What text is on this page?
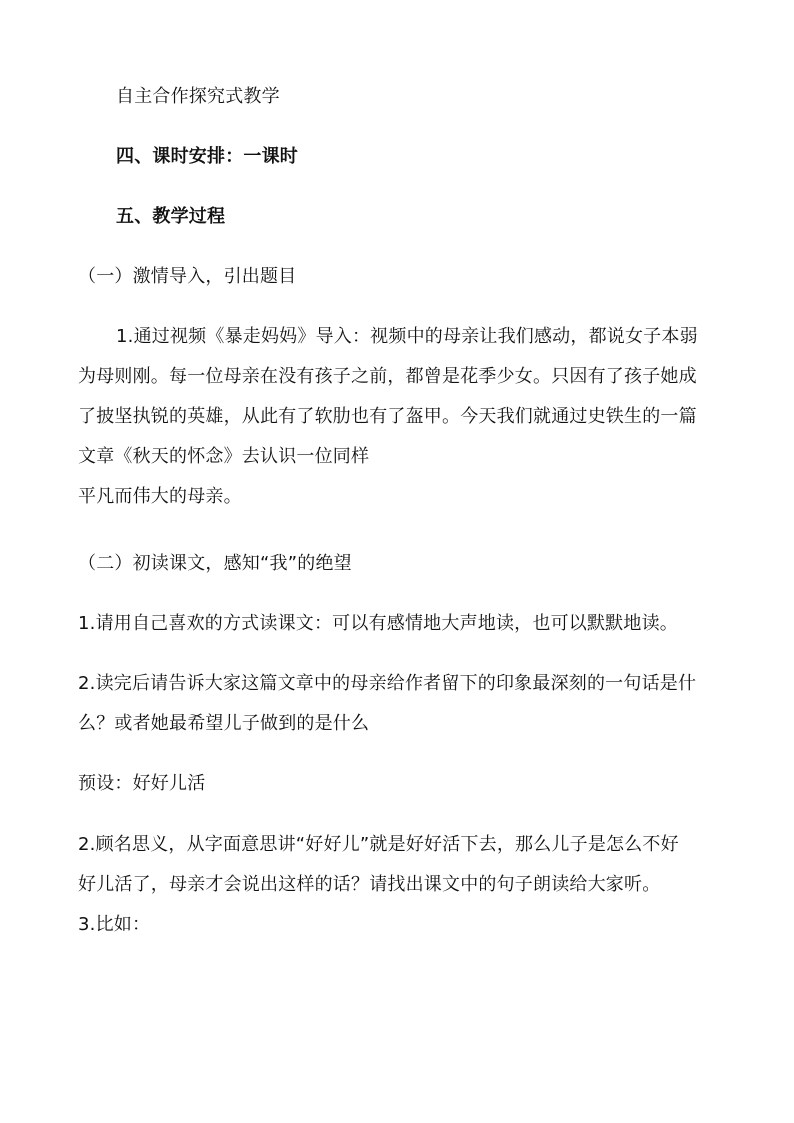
自主合作探究式教学
四、课时安排：一课时
五、教学过程
（一）激情导入，引出题目
1.通过视频《暴走妈妈》导入：视频中的母亲让我们感动，都说女子本弱
为母则刚。每一位母亲在没有孩子之前，都曾是花季少女。只因有了孩子她成
了披坚执锐的英雄，从此有了软肋也有了盔甲。今天我们就通过史铁生的一篇
文章《秋天的怀念》去认识一位同样
平凡而伟大的母亲。
（二）初读课文，感知“我”的绝望
1.请用自己喜欢的方式读课文：可以有感情地大声地读，也可以默默地读。
2.读完后请告诉大家这篇文章中的母亲给作者留下的印象最深刻的一句话是什
么？或者她最希望儿子做到的是什么
预设：好好儿活
2.顾名思义，从字面意思讲“好好儿”就是好好活下去，那么儿子是怎么不好
好儿活了，母亲才会说出这样的话？请找出课文中的句子朗读给大家听。
3.比如：
